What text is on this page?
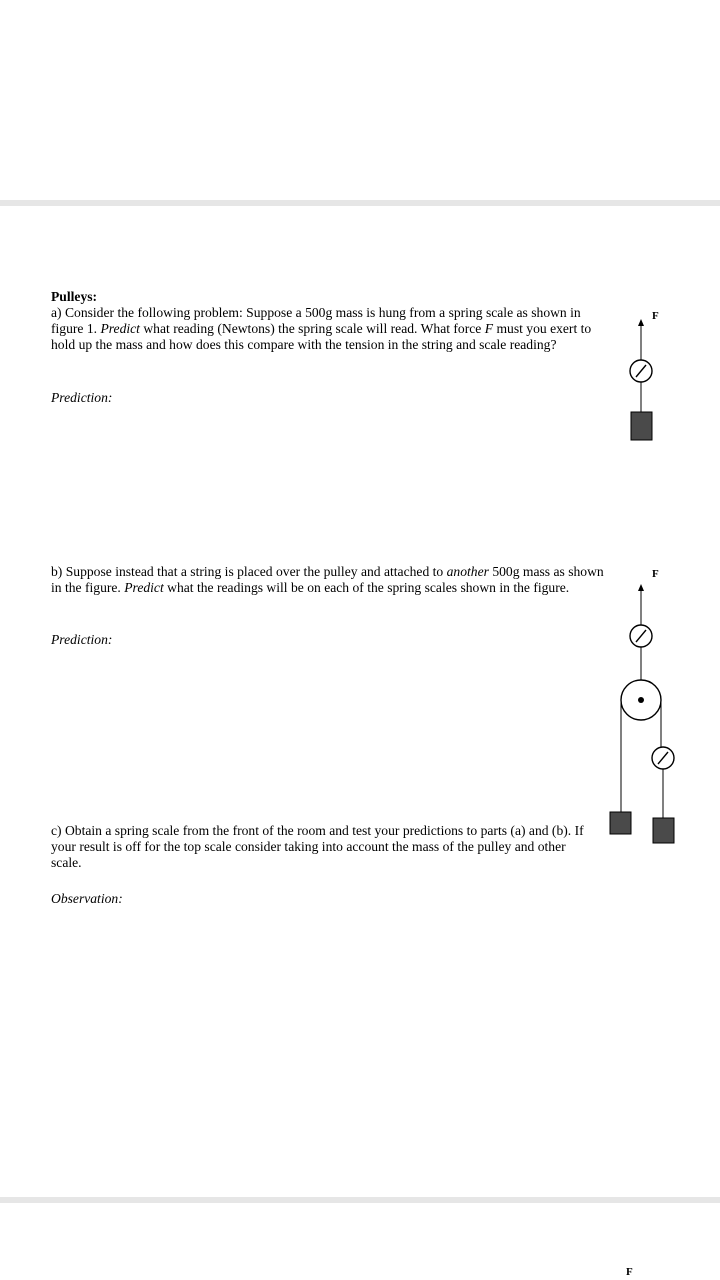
Pulleys:
a) Consider the following problem: Suppose a 500g mass is hung from a spring scale as shown in figure 1. Predict what reading (Newtons) the spring scale will read. What force F must you exert to hold up the mass and how does this compare with the tension in the string and scale reading?
Prediction:
F
b) Suppose instead that a string is placed over the pulley and attached to another 500g mass as shown in the figure. Predict what the readings will be on each of the spring scales shown in the figure.
Prediction:
F
c) Obtain a spring scale from the front of the room and test your predictions to parts (a) and (b). If your result is off for the top scale consider taking into account the mass of the pulley and other scale.
Observation:
F
